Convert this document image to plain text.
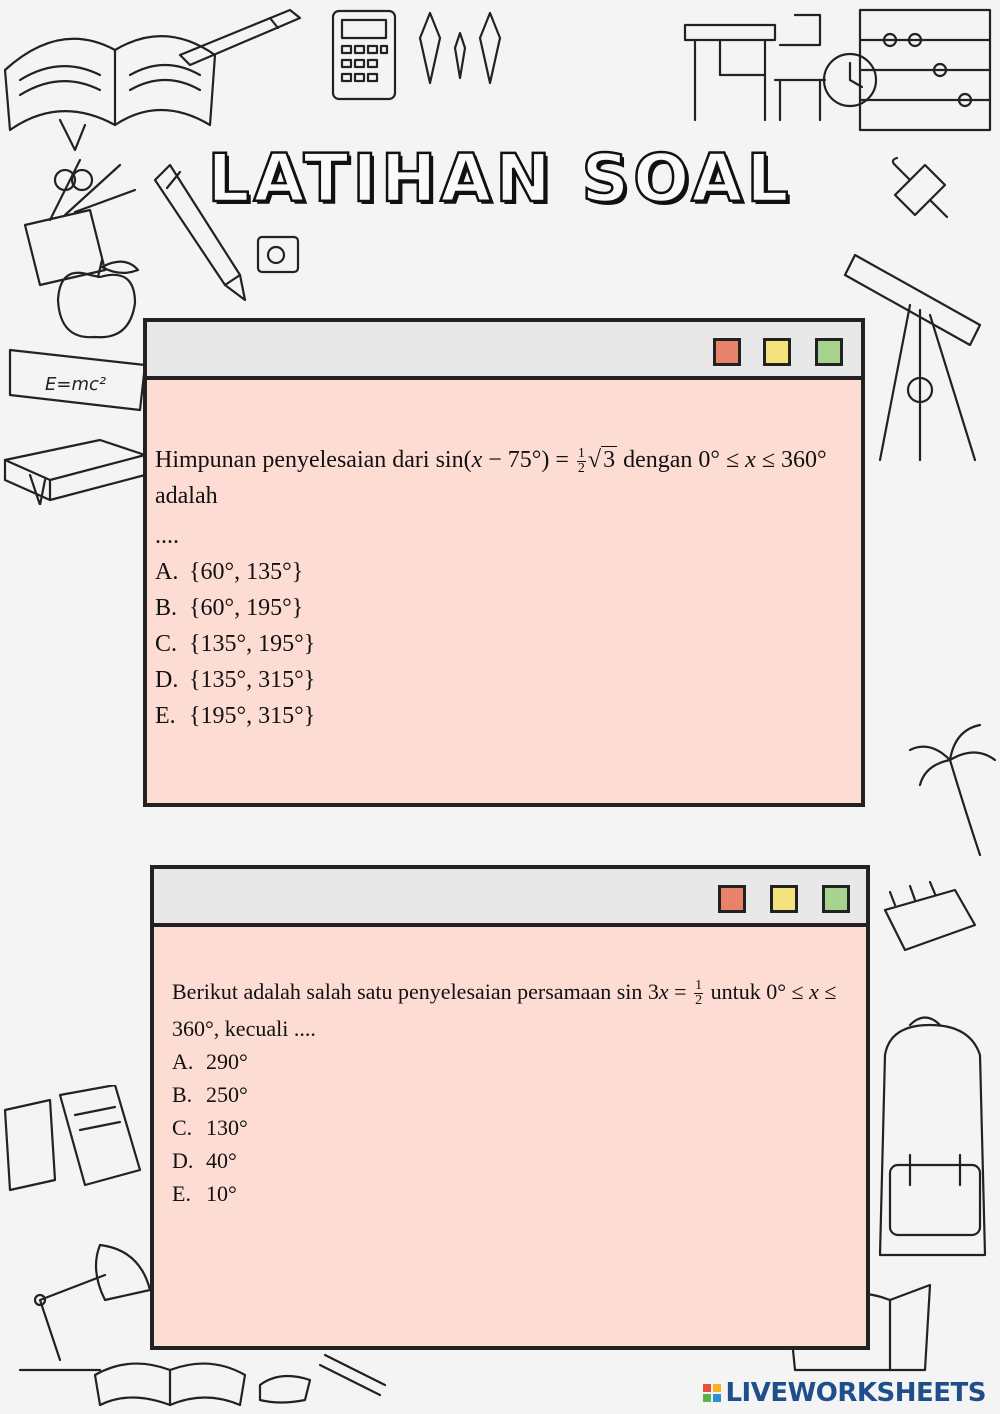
E=mc²
LATIHAN SOAL
Himpunan penyelesaian dari $\sin(x - 75^\circ) = \frac{1}{2} √3$ dengan 0° ≤ x ≤ 360° adalah
....
A. {60°, 135°}
B. {60°, 195°}
C. {135°, 195°}
D. {135°, 315°}
E. {195°, 315°}
Berikut adalah salah satu penyelesaian persamaan $\sin 3x = \frac{1}{2}$ untuk 0° ≤ x ≤
360°, kecuali ....
A. 290°
B. 250°
C. 130°
D. 40°
E. 10°
LIVEWORKSHEETS
